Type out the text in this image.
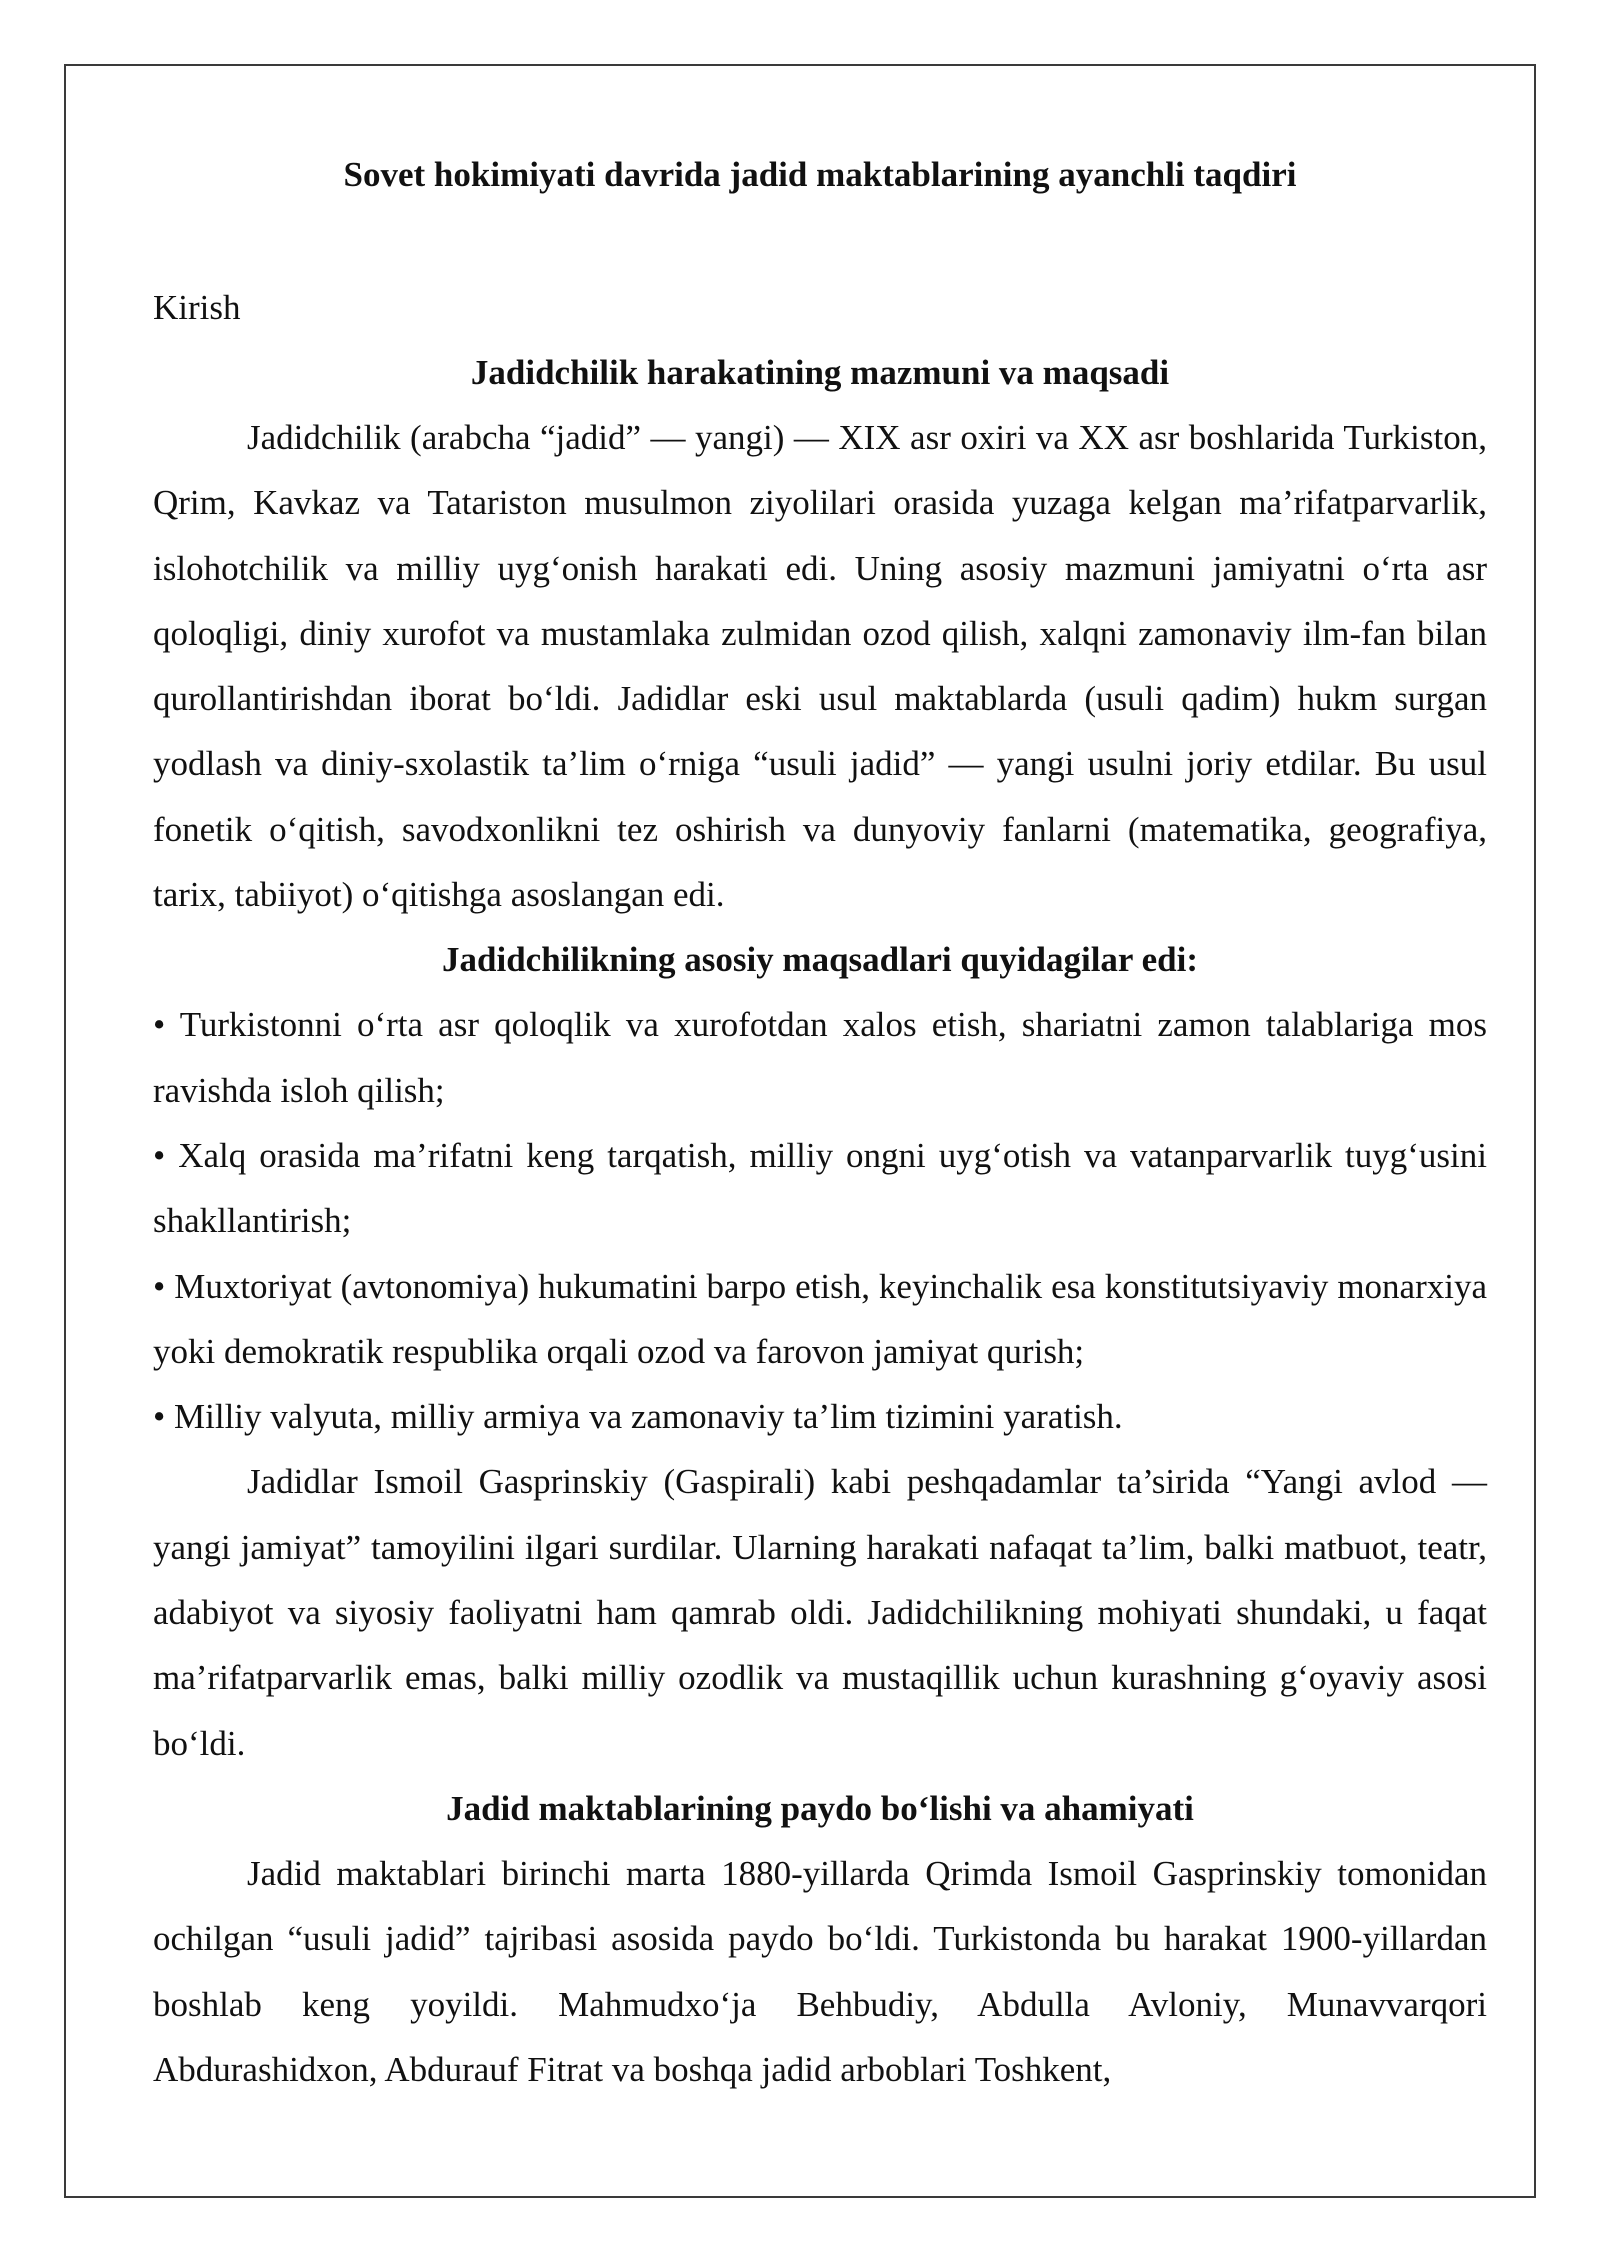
Sovet hokimiyati davrida jadid maktablarining ayanchli taqdiri

Kirish

Jadidchilik harakatining mazmuni va maqsadi

Jadidchilik (arabcha “jadid” — yangi) — XIX asr oxiri va XX asr boshlarida Turkiston, Qrim, Kavkaz va Tatariston musulmon ziyolilari orasida yuzaga kelgan ma’rifatparvarlik, islohotchilik va milliy uyg‘onish harakati edi. Uning asosiy mazmuni jamiyatni o‘rta asr qoloqligi, diniy xurofot va mustamlaka zulmidan ozod qilish, xalqni zamonaviy ilm-fan bilan qurollantirishdan iborat bo‘ldi. Jadidlar eski usul maktablarda (usuli qadim) hukm surgan yodlash va diniy-sxolastik ta’lim o‘rniga “usuli jadid” — yangi usulni joriy etdilar. Bu usul fonetik o‘qitish, savodxonlikni tez oshirish va dunyoviy fanlarni (matematika, geografiya, tarix, tabiiyot) o‘qitishga asoslangan edi.

Jadidchilikning asosiy maqsadlari quyidagilar edi:

• Turkistonni o‘rta asr qoloqlik va xurofotdan xalos etish, shariatni zamon talablariga mos ravishda isloh qilish;

• Xalq orasida ma’rifatni keng tarqatish, milliy ongni uyg‘otish va vatanparvarlik tuyg‘usini shakllantirish;

• Muxtoriyat (avtonomiya) hukumatini barpo etish, keyinchalik esa konstitutsiyaviy monarxiya yoki demokratik respublika orqali ozod va farovon jamiyat qurish;

• Milliy valyuta, milliy armiya va zamonaviy ta’lim tizimini yaratish.

Jadidlar Ismoil Gasprinskiy (Gaspirali) kabi peshqadamlar ta’sirida “Yangi avlod — yangi jamiyat” tamoyilini ilgari surdilar. Ularning harakati nafaqat ta’lim, balki matbuot, teatr, adabiyot va siyosiy faoliyatni ham qamrab oldi. Jadidchilikning mohiyati shundaki, u faqat ma’rifatparvarlik emas, balki milliy ozodlik va mustaqillik uchun kurashning g‘oyaviy asosi bo‘ldi.

Jadid maktablarining paydo bo‘lishi va ahamiyati

Jadid maktablari birinchi marta 1880-yillarda Qrimda Ismoil Gasprinskiy tomonidan ochilgan “usuli jadid” tajribasi asosida paydo bo‘ldi. Turkistonda bu harakat 1900-yillardan boshlab keng yoyildi. Mahmudxo‘ja Behbudiy, Abdulla Avloniy, Munavvarqori Abdurashidxon, Abdurauf Fitrat va boshqa jadid arboblari Toshkent,
